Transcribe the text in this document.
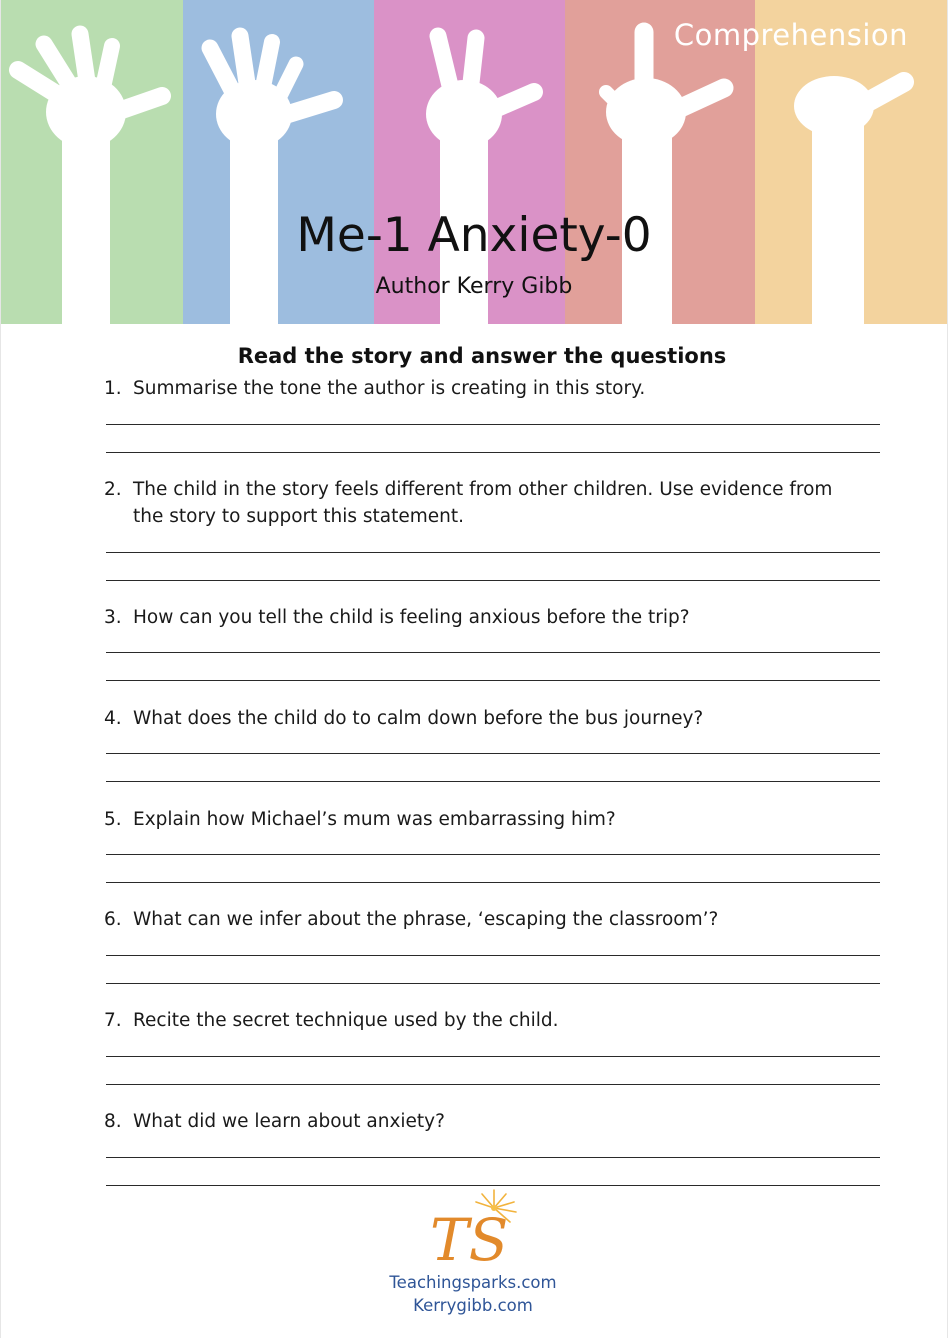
Comprehension
Me-1 Anxiety-0
Author Kerry Gibb
Read the story and answer the questions
1. Summarise the tone the author is creating in this story.
2. The child in the story feels different from other children. Use evidence from the story to support this statement.
3. How can you tell the child is feeling anxious before the trip?
4. What does the child do to calm down before the bus journey?
5. Explain how Michael’s mum was embarrassing him?
6. What can we infer about the phrase, ‘escaping the classroom’?
7. Recite the secret technique used by the child.
8. What did we learn about anxiety?
TS
Teachingsparks.com
Kerrygibb.com
